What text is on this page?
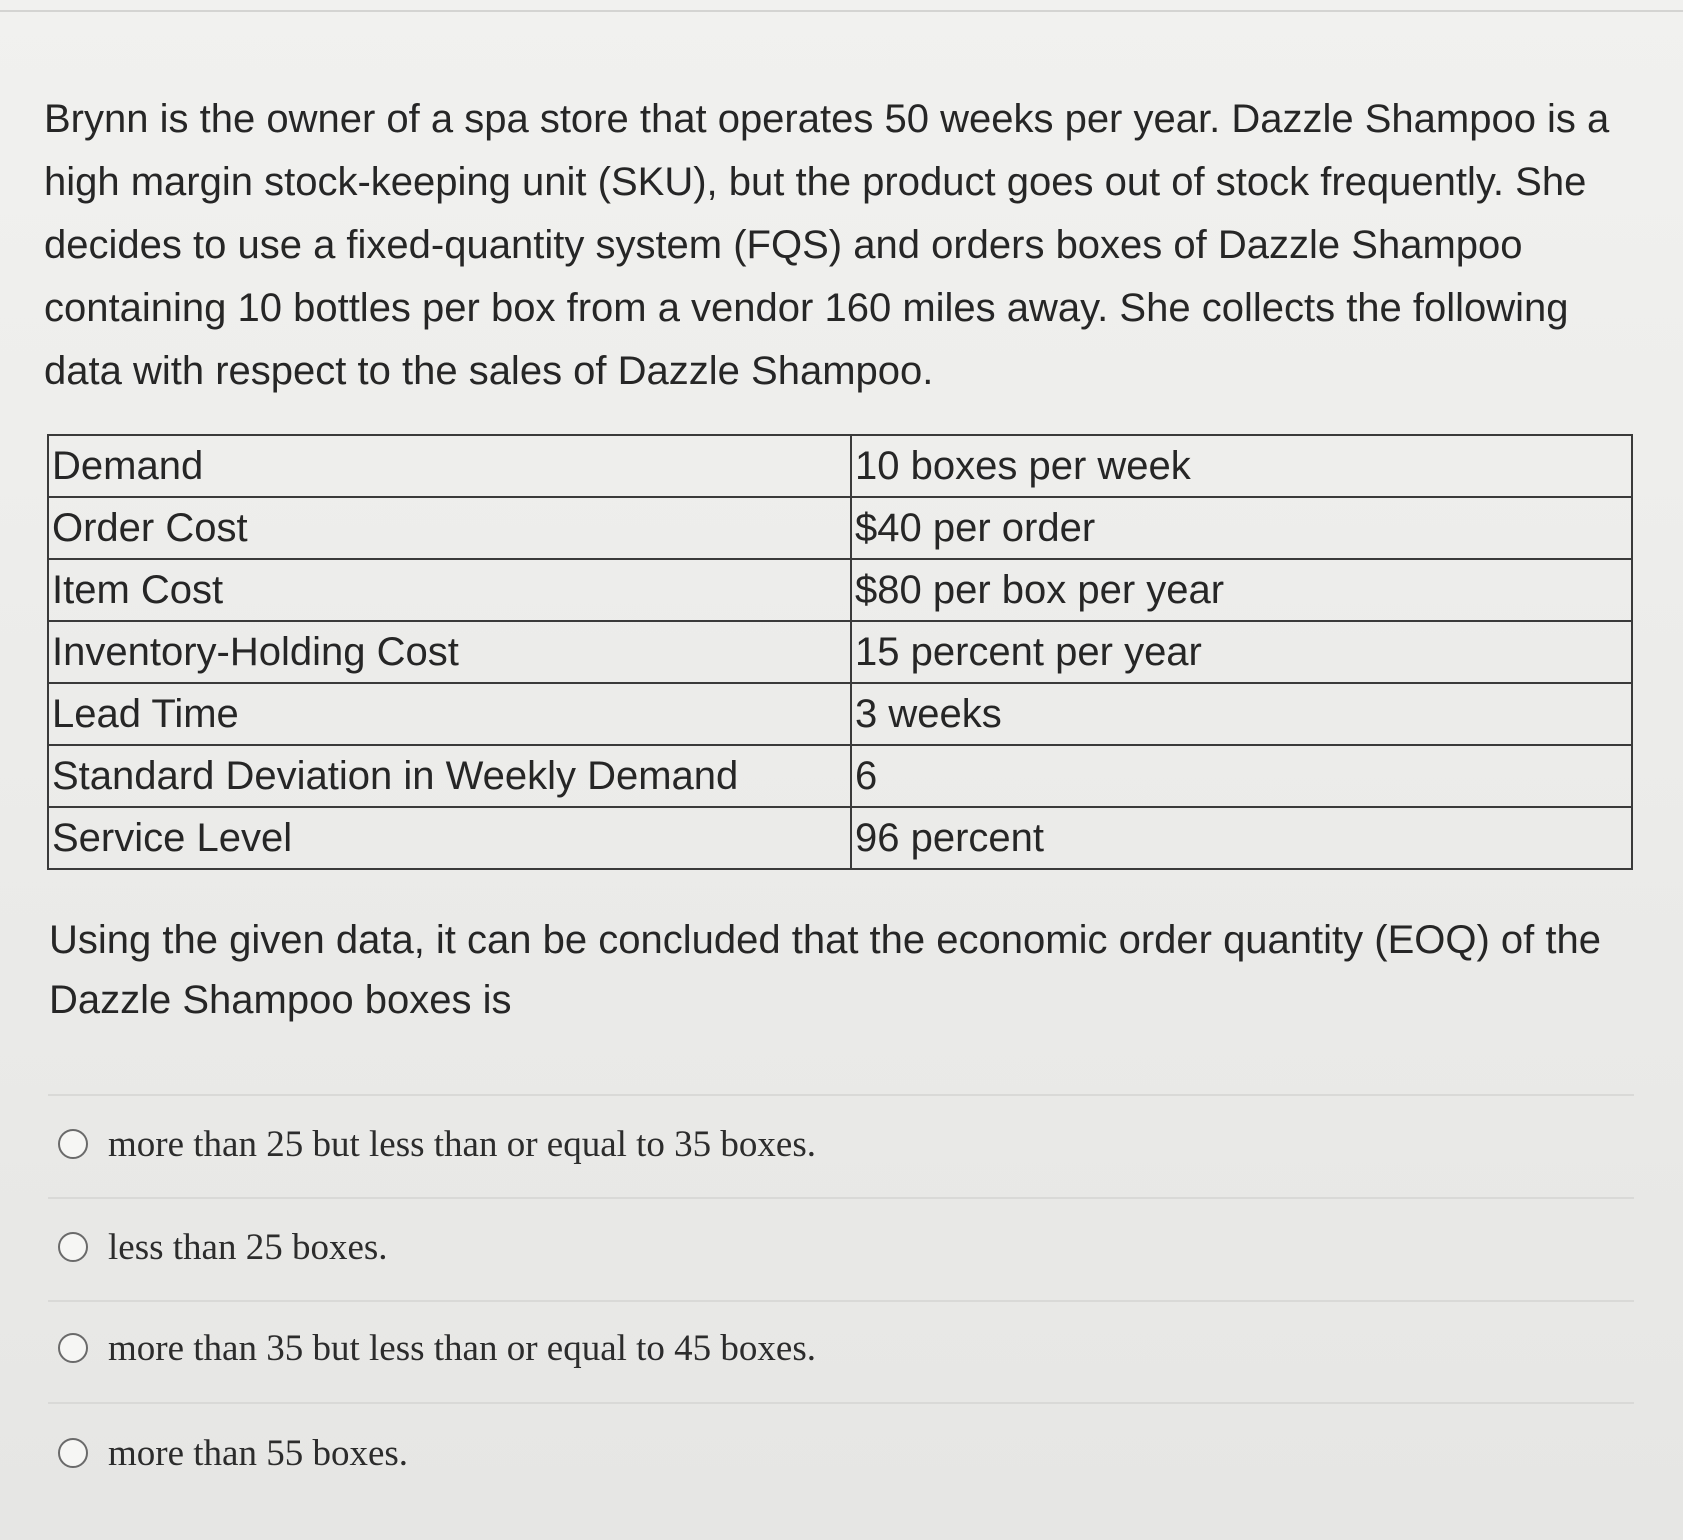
Brynn is the owner of a spa store that operates 50 weeks per year. Dazzle Shampoo is a high margin stock-keeping unit (SKU), but the product goes out of stock frequently. She decides to use a fixed-quantity system (FQS) and orders boxes of Dazzle Shampoo containing 10 bottles per box from a vendor 160 miles away. She collects the following data with respect to the sales of Dazzle Shampoo.

Demand	10 boxes per week
Order Cost	$40 per order
Item Cost	$80 per box per year
Inventory-Holding Cost	15 percent per year
Lead Time	3 weeks
Standard Deviation in Weekly Demand	6
Service Level	96 percent

Using the given data, it can be concluded that the economic order quantity (EOQ) of the Dazzle Shampoo boxes is

more than 25 but less than or equal to 35 boxes.
less than 25 boxes.
more than 35 but less than or equal to 45 boxes.
more than 55 boxes.
